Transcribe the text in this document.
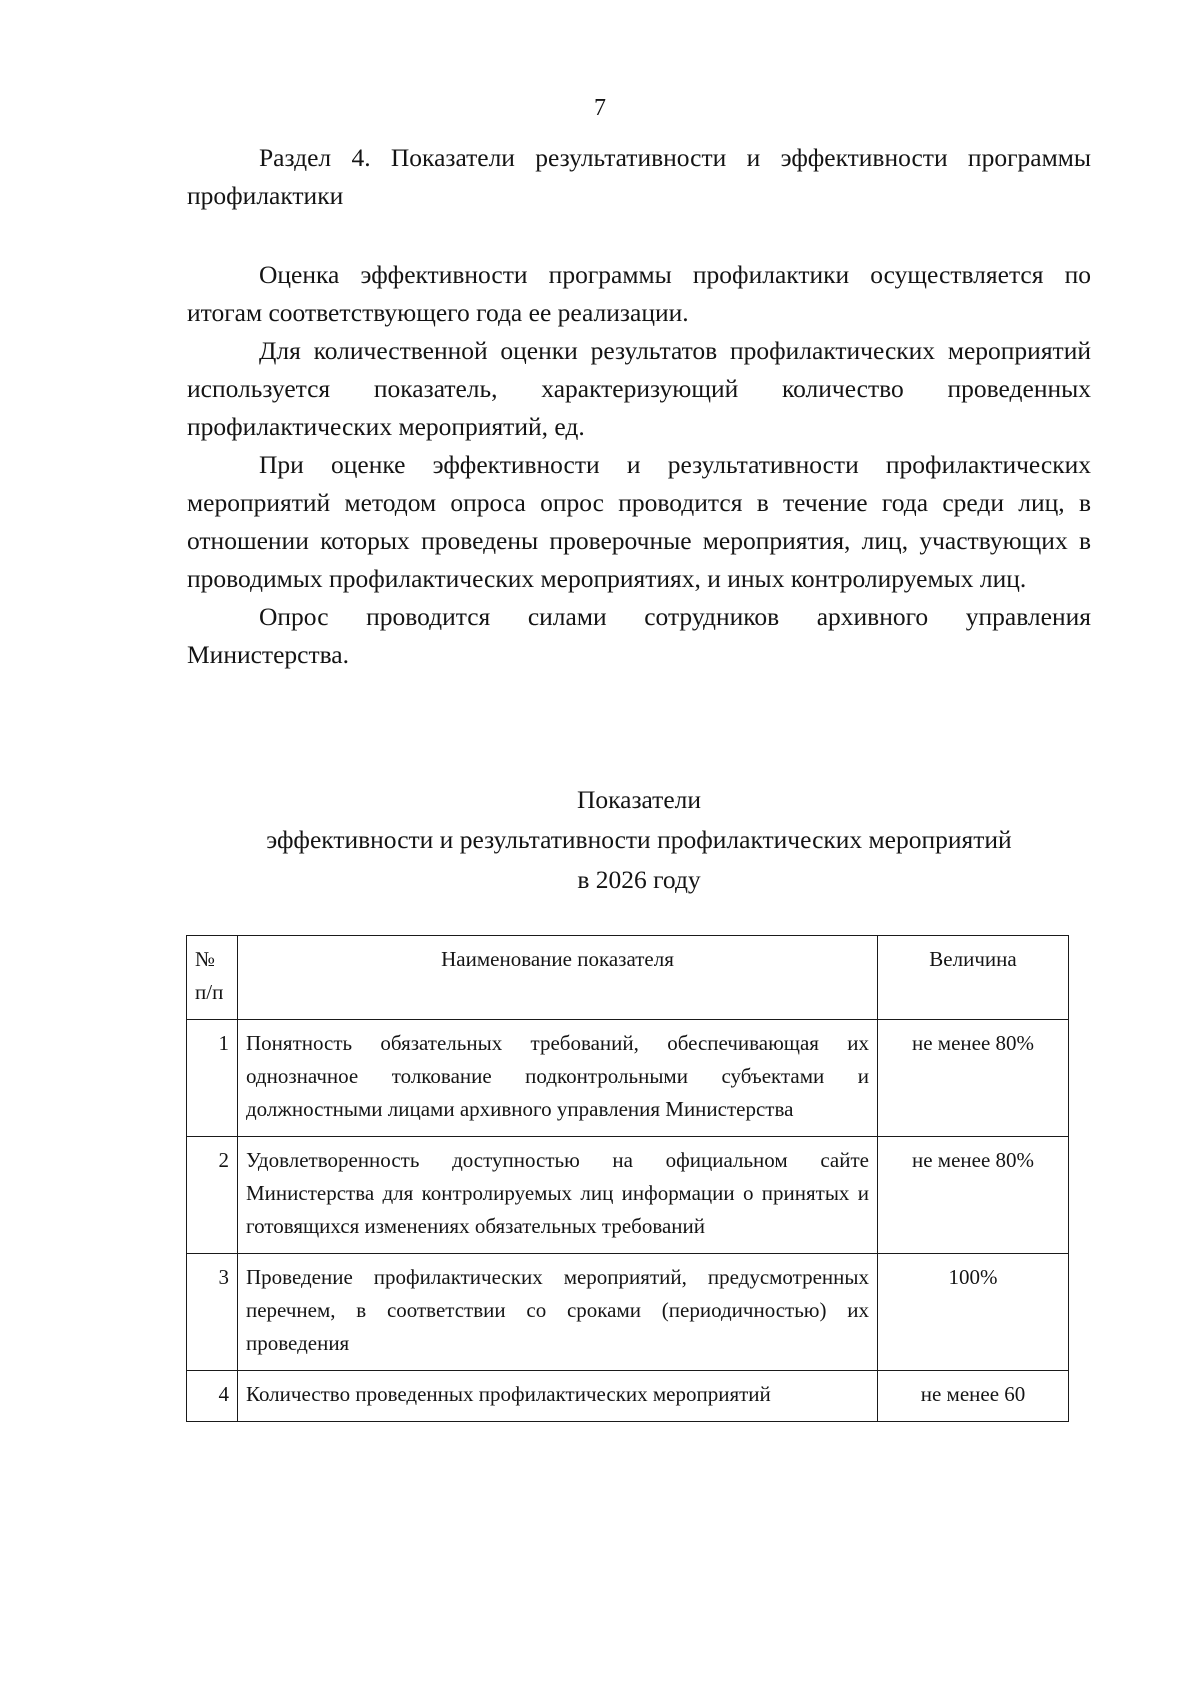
7

Раздел 4. Показатели результативности и эффективности программы профилактики

Оценка эффективности программы профилактики осуществляется по итогам соответствующего года ее реализации.

Для количественной оценки результатов профилактических мероприятий используется показатель, характеризующий количество проведенных профилактических мероприятий, ед.

При оценке эффективности и результативности профилактических мероприятий методом опроса опрос проводится в течение года среди лиц, в отношении которых проведены проверочные мероприятия, лиц, участвующих в проводимых профилактических мероприятиях, и иных контролируемых лиц.

Опрос проводится силами сотрудников архивного управления Министерства.

Показатели
эффективности и результативности профилактических мероприятий
в 2026 году
№ п/п	Наименование показателя	Величина
1	Понятность обязательных требований, обеспечивающая их однозначное толкование подконтрольными субъектами и должностными лицами архивного управления Министерства	не менее 80%
2	Удовлетворенность доступностью на официальном сайте Министерства для контролируемых лиц информации о принятых и готовящихся изменениях обязательных требований	не менее 80%
3	Проведение профилактических мероприятий, предусмотренных перечнем, в соответствии со сроками (периодичностью) их проведения	100%
4	Количество проведенных профилактических мероприятий	не менее 60
